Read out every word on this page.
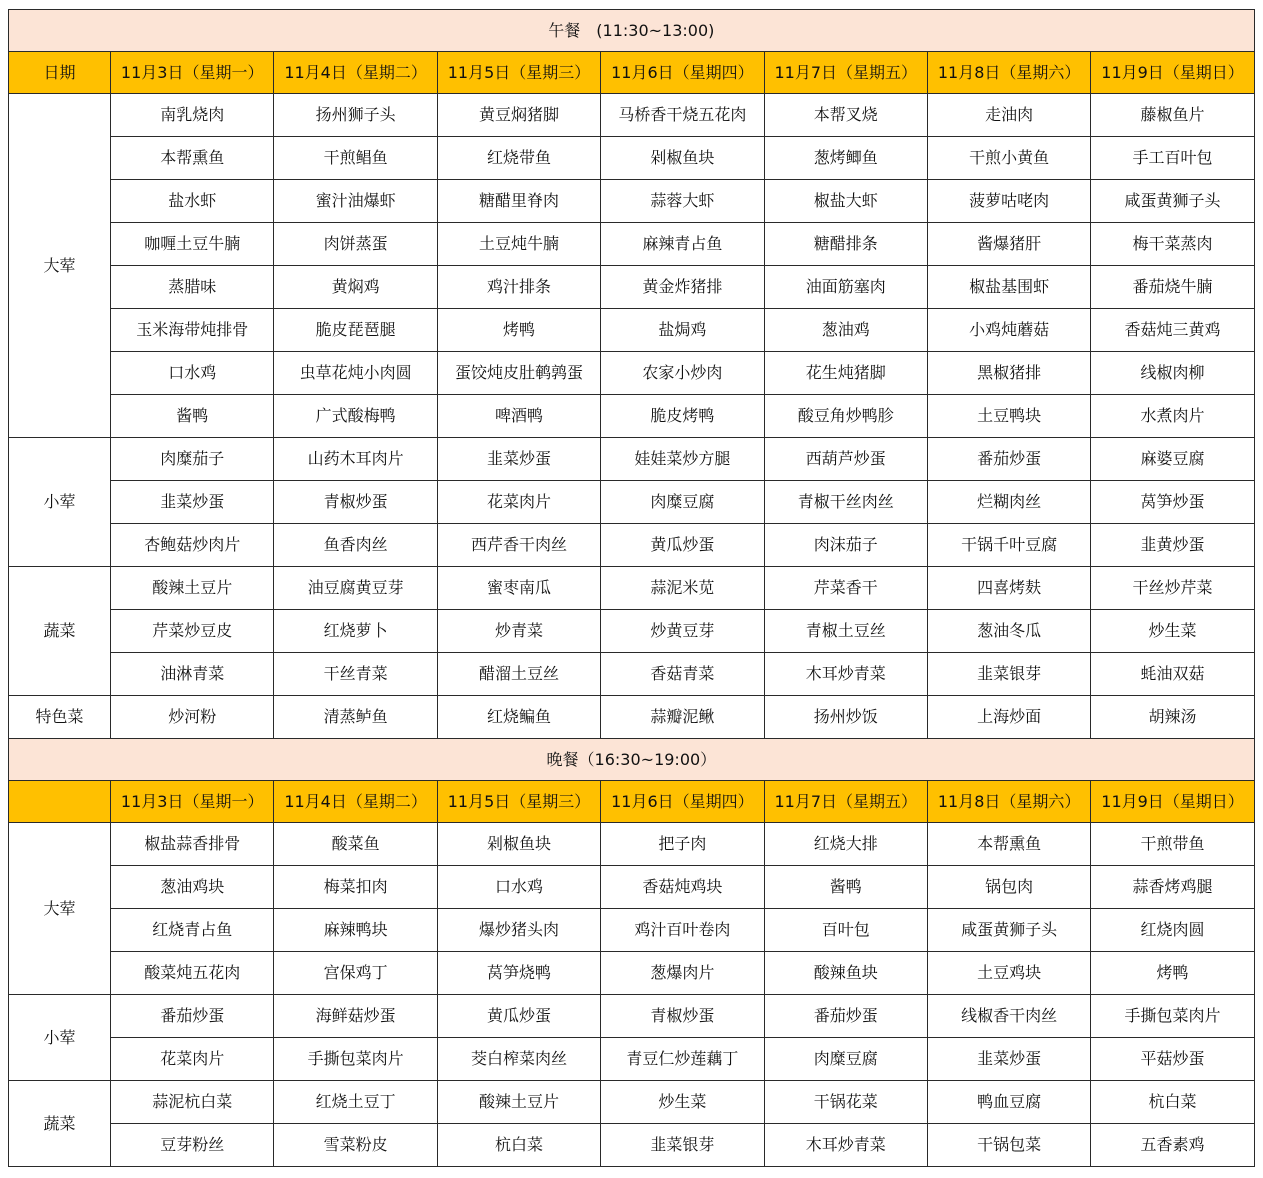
午餐　(11:30~13:00)							
日期	11月3日（星期一）	11月4日（星期二）	11月5日（星期三）	11月6日（星期四）	11月7日（星期五）	11月8日（星期六）	11月9日（星期日）
大荤	南乳烧肉	扬州狮子头	黄豆焖猪脚	马桥香干烧五花肉	本帮叉烧	走油肉	藤椒鱼片
	本帮熏鱼	干煎鲳鱼	红烧带鱼	剁椒鱼块	葱烤鲫鱼	干煎小黄鱼	手工百叶包
	盐水虾	蜜汁油爆虾	糖醋里脊肉	蒜蓉大虾	椒盐大虾	菠萝咕咾肉	咸蛋黄狮子头
	咖喱土豆牛腩	肉饼蒸蛋	土豆炖牛腩	麻辣青占鱼	糖醋排条	酱爆猪肝	梅干菜蒸肉
	蒸腊味	黄焖鸡	鸡汁排条	黄金炸猪排	油面筋塞肉	椒盐基围虾	番茄烧牛腩
	玉米海带炖排骨	脆皮琵琶腿	烤鸭	盐焗鸡	葱油鸡	小鸡炖蘑菇	香菇炖三黄鸡
	口水鸡	虫草花炖小肉圆	蛋饺炖皮肚鹌鹑蛋	农家小炒肉	花生炖猪脚	黑椒猪排	线椒肉柳
	酱鸭	广式酸梅鸭	啤酒鸭	脆皮烤鸭	酸豆角炒鸭胗	土豆鸭块	水煮肉片
小荤	肉糜茄子	山药木耳肉片	韭菜炒蛋	娃娃菜炒方腿	西葫芦炒蛋	番茄炒蛋	麻婆豆腐
	韭菜炒蛋	青椒炒蛋	花菜肉片	肉糜豆腐	青椒干丝肉丝	烂糊肉丝	莴笋炒蛋
	杏鲍菇炒肉片	鱼香肉丝	西芹香干肉丝	黄瓜炒蛋	肉沫茄子	干锅千叶豆腐	韭黄炒蛋
蔬菜	酸辣土豆片	油豆腐黄豆芽	蜜枣南瓜	蒜泥米苋	芹菜香干	四喜烤麸	干丝炒芹菜
	芹菜炒豆皮	红烧萝卜	炒青菜	炒黄豆芽	青椒土豆丝	葱油冬瓜	炒生菜
	油淋青菜	干丝青菜	醋溜土豆丝	香菇青菜	木耳炒青菜	韭菜银芽	蚝油双菇
特色菜	炒河粉	清蒸鲈鱼	红烧鳊鱼	蒜瓣泥鳅	扬州炒饭	上海炒面	胡辣汤
晚餐（16:30~19:00）							
	11月3日（星期一）	11月4日（星期二）	11月5日（星期三）	11月6日（星期四）	11月7日（星期五）	11月8日（星期六）	11月9日（星期日）
大荤	椒盐蒜香排骨	酸菜鱼	剁椒鱼块	把子肉	红烧大排	本帮熏鱼	干煎带鱼
	葱油鸡块	梅菜扣肉	口水鸡	香菇炖鸡块	酱鸭	锅包肉	蒜香烤鸡腿
	红烧青占鱼	麻辣鸭块	爆炒猪头肉	鸡汁百叶卷肉	百叶包	咸蛋黄狮子头	红烧肉圆
	酸菜炖五花肉	宫保鸡丁	莴笋烧鸭	葱爆肉片	酸辣鱼块	土豆鸡块	烤鸭
小荤	番茄炒蛋	海鲜菇炒蛋	黄瓜炒蛋	青椒炒蛋	番茄炒蛋	线椒香干肉丝	手撕包菜肉片
	花菜肉片	手撕包菜肉片	茭白榨菜肉丝	青豆仁炒莲藕丁	肉糜豆腐	韭菜炒蛋	平菇炒蛋
蔬菜	蒜泥杭白菜	红烧土豆丁	酸辣土豆片	炒生菜	干锅花菜	鸭血豆腐	杭白菜
	豆芽粉丝	雪菜粉皮	杭白菜	韭菜银芽	木耳炒青菜	干锅包菜	五香素鸡
